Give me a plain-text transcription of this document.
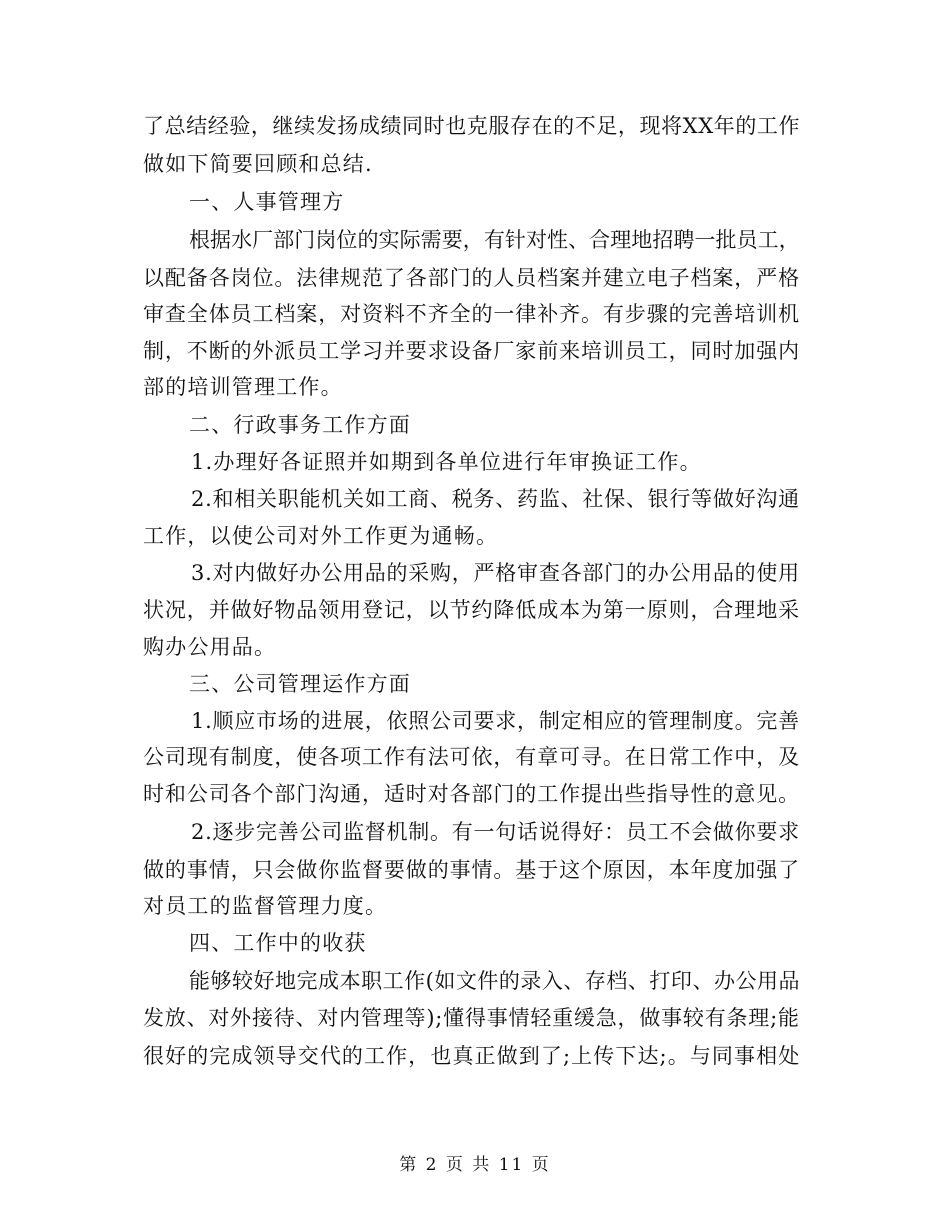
了总结经验，继续发扬成绩同时也克服存在的不足，现将XX年的工作

做如下简要回顾和总结.

一、人事管理方

根据水厂部门岗位的实际需要，有针对性、合理地招聘一批员工，

以配备各岗位。法律规范了各部门的人员档案并建立电子档案，严格

审查全体员工档案，对资料不齐全的一律补齐。有步骤的完善培训机

制，不断的外派员工学习并要求设备厂家前来培训员工，同时加强内

部的培训管理工作。

二、行政事务工作方面

1.办理好各证照并如期到各单位进行年审换证工作。

2.和相关职能机关如工商、税务、药监、社保、银行等做好沟通

工作，以使公司对外工作更为通畅。

3.对内做好办公用品的采购，严格审查各部门的办公用品的使用

状况，并做好物品领用登记，以节约降低成本为第一原则，合理地采

购办公用品。

三、公司管理运作方面

1.顺应市场的进展，依照公司要求，制定相应的管理制度。完善

公司现有制度，使各项工作有法可依，有章可寻。在日常工作中，及

时和公司各个部门沟通，适时对各部门的工作提出些指导性的意见。

2.逐步完善公司监督机制。有一句话说得好：员工不会做你要求

做的事情，只会做你监督要做的事情。基于这个原因，本年度加强了

对员工的监督管理力度。

四、工作中的收获

能够较好地完成本职工作(如文件的录入、存档、打印、办公用品

发放、对外接待、对内管理等);懂得事情轻重缓急，做事较有条理;能

很好的完成领导交代的工作，也真正做到了;上传下达;。与同事相处

第 2 页 共 11 页
